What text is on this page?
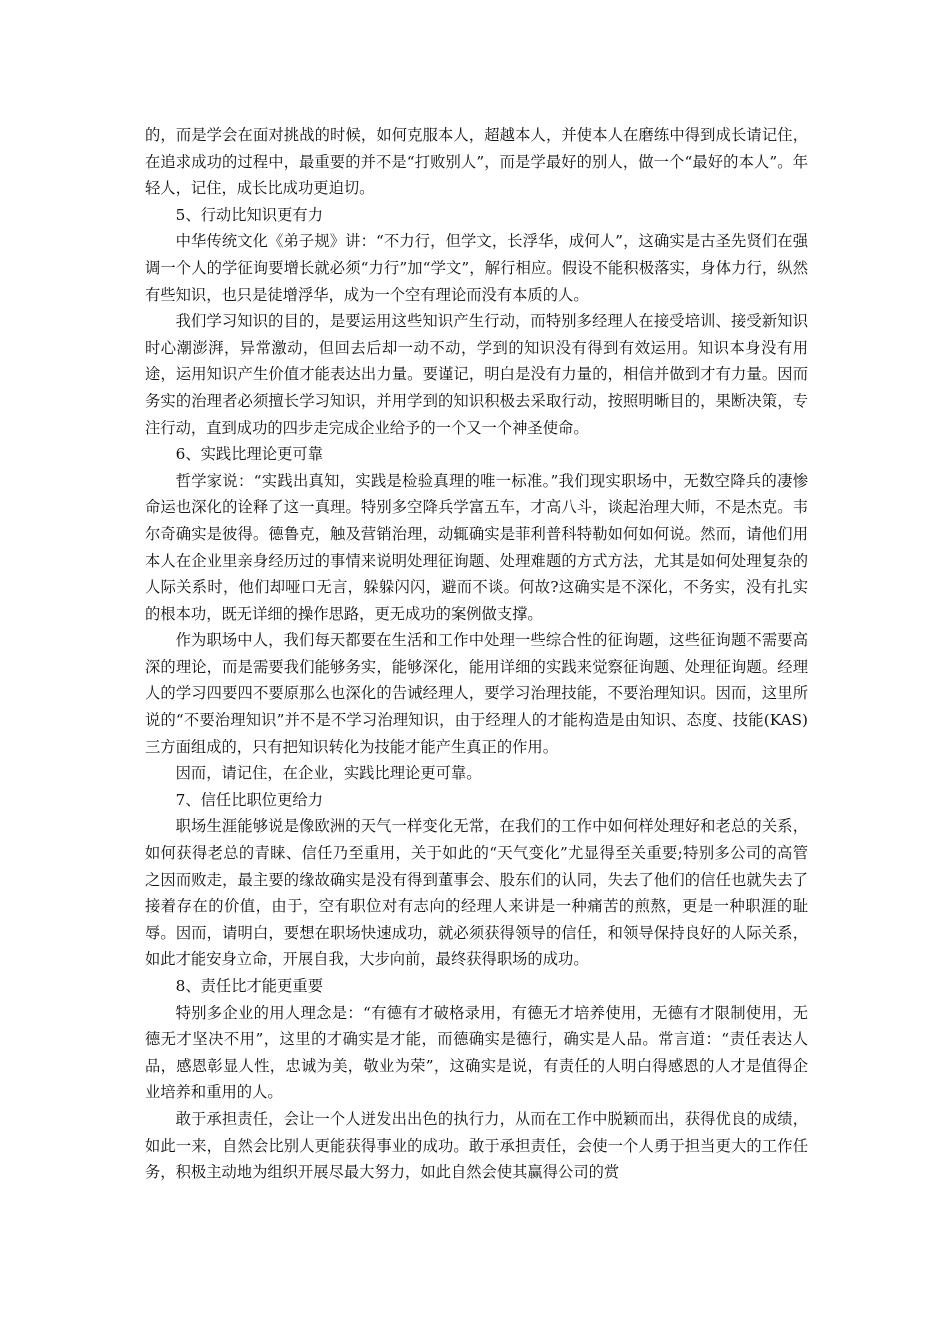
的，而是学会在面对挑战的时候，如何克服本人，超越本人，并使本人在磨练中得到成长请记住，在追求成功的过程中，最重要的并不是“打败别人”，而是学最好的别人，做一个“最好的本人”。年轻人，记住，成长比成功更迫切。

5、行动比知识更有力

中华传统文化《弟子规》讲：“不力行，但学文，长浮华，成何人”，这确实是古圣先贤们在强调一个人的学征询要增长就必须“力行”加“学文”，解行相应。假设不能积极落实，身体力行，纵然有些知识，也只是徒增浮华，成为一个空有理论而没有本质的人。

我们学习知识的目的，是要运用这些知识产生行动，而特别多经理人在接受培训、接受新知识时心潮澎湃，异常激动，但回去后却一动不动，学到的知识没有得到有效运用。知识本身没有用途，运用知识产生价值才能表达出力量。要谨记，明白是没有力量的，相信并做到才有力量。因而务实的治理者必须擅长学习知识，并用学到的知识积极去采取行动，按照明晰目的，果断决策，专注行动，直到成功的四步走完成企业给予的一个又一个神圣使命。

6、实践比理论更可靠

哲学家说：“实践出真知，实践是检验真理的唯一标准。”我们现实职场中，无数空降兵的凄惨命运也深化的诠释了这一真理。特别多空降兵学富五车，才高八斗，谈起治理大师，不是杰克。韦尔奇确实是彼得。德鲁克，触及营销治理，动辄确实是菲利普科特勒如何如何说。然而，请他们用本人在企业里亲身经历过的事情来说明处理征询题、处理难题的方式方法，尤其是如何处理复杂的人际关系时，他们却哑口无言，躲躲闪闪，避而不谈。何故?这确实是不深化，不务实，没有扎实的根本功，既无详细的操作思路，更无成功的案例做支撑。

作为职场中人，我们每天都要在生活和工作中处理一些综合性的征询题，这些征询题不需要高深的理论，而是需要我们能够务实，能够深化，能用详细的实践来觉察征询题、处理征询题。经理人的学习四要四不要原那么也深化的告诫经理人，要学习治理技能，不要治理知识。因而，这里所说的“不要治理知识”并不是不学习治理知识，由于经理人的才能构造是由知识、态度、技能(KAS)三方面组成的，只有把知识转化为技能才能产生真正的作用。

因而，请记住，在企业，实践比理论更可靠。

7、信任比职位更给力

职场生涯能够说是像欧洲的天气一样变化无常，在我们的工作中如何样处理好和老总的关系，如何获得老总的青睐、信任乃至重用，关于如此的“天气变化”尤显得至关重要;特别多公司的高管之因而败走，最主要的缘故确实是没有得到董事会、股东们的认同，失去了他们的信任也就失去了接着存在的价值，由于，空有职位对有志向的经理人来讲是一种痛苦的煎熬，更是一种职涯的耻辱。因而，请明白，要想在职场快速成功，就必须获得领导的信任，和领导保持良好的人际关系，如此才能安身立命，开展自我，大步向前，最终获得职场的成功。

8、责任比才能更重要

特别多企业的用人理念是：“有德有才破格录用，有德无才培养使用，无德有才限制使用，无德无才坚决不用”，这里的才确实是才能，而德确实是德行，确实是人品。常言道：“责任表达人品，感恩彰显人性，忠诚为美，敬业为荣”，这确实是说，有责任的人明白得感恩的人才是值得企业培养和重用的人。

敢于承担责任，会让一个人迸发出出色的执行力，从而在工作中脱颖而出，获得优良的成绩，如此一来，自然会比别人更能获得事业的成功。敢于承担责任，会使一个人勇于担当更大的工作任务，积极主动地为组织开展尽最大努力，如此自然会使其赢得公司的赏
